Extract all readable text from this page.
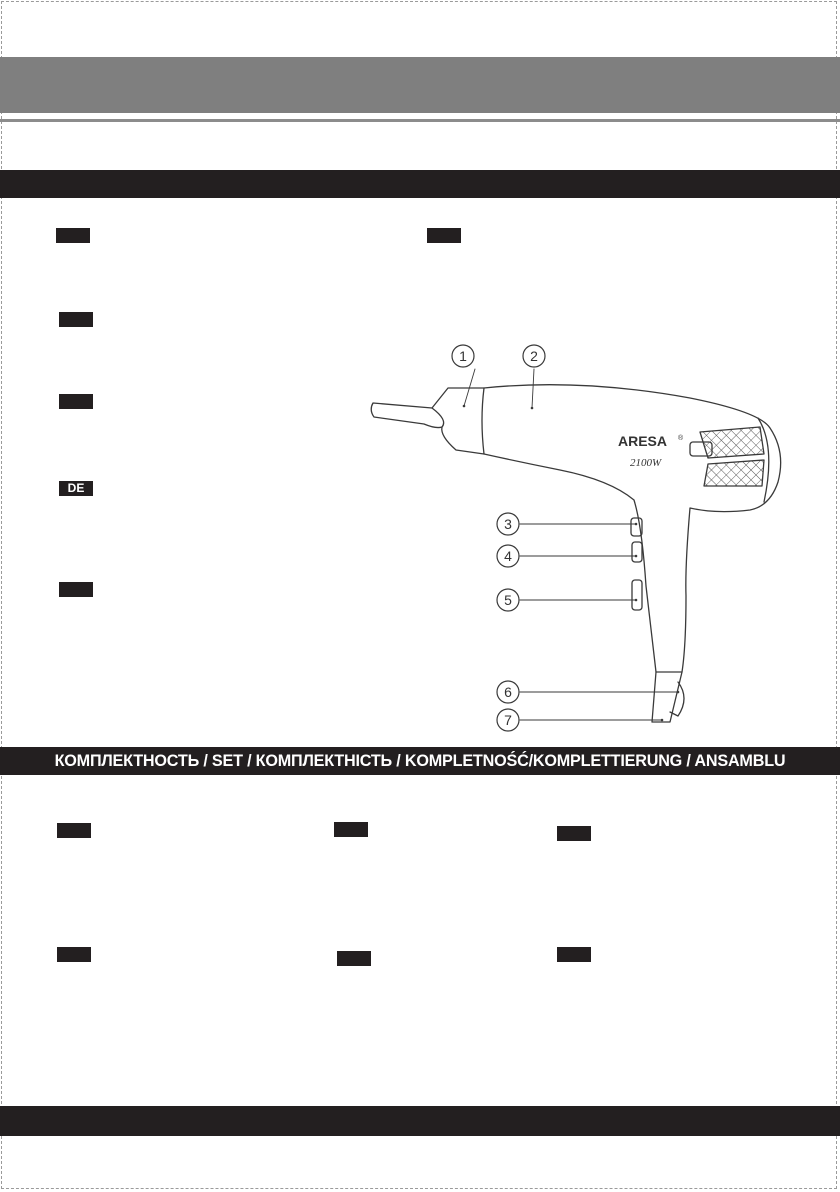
DE
1	2
3
4
5
6
7
ARESA ®
2100W
КОМПЛЕКТНОСТЬ / SET / КОМПЛЕКТНІСТЬ / KOMPLETNOŚĆ/KOMPLETTIERUNG / ANSAMBLU
